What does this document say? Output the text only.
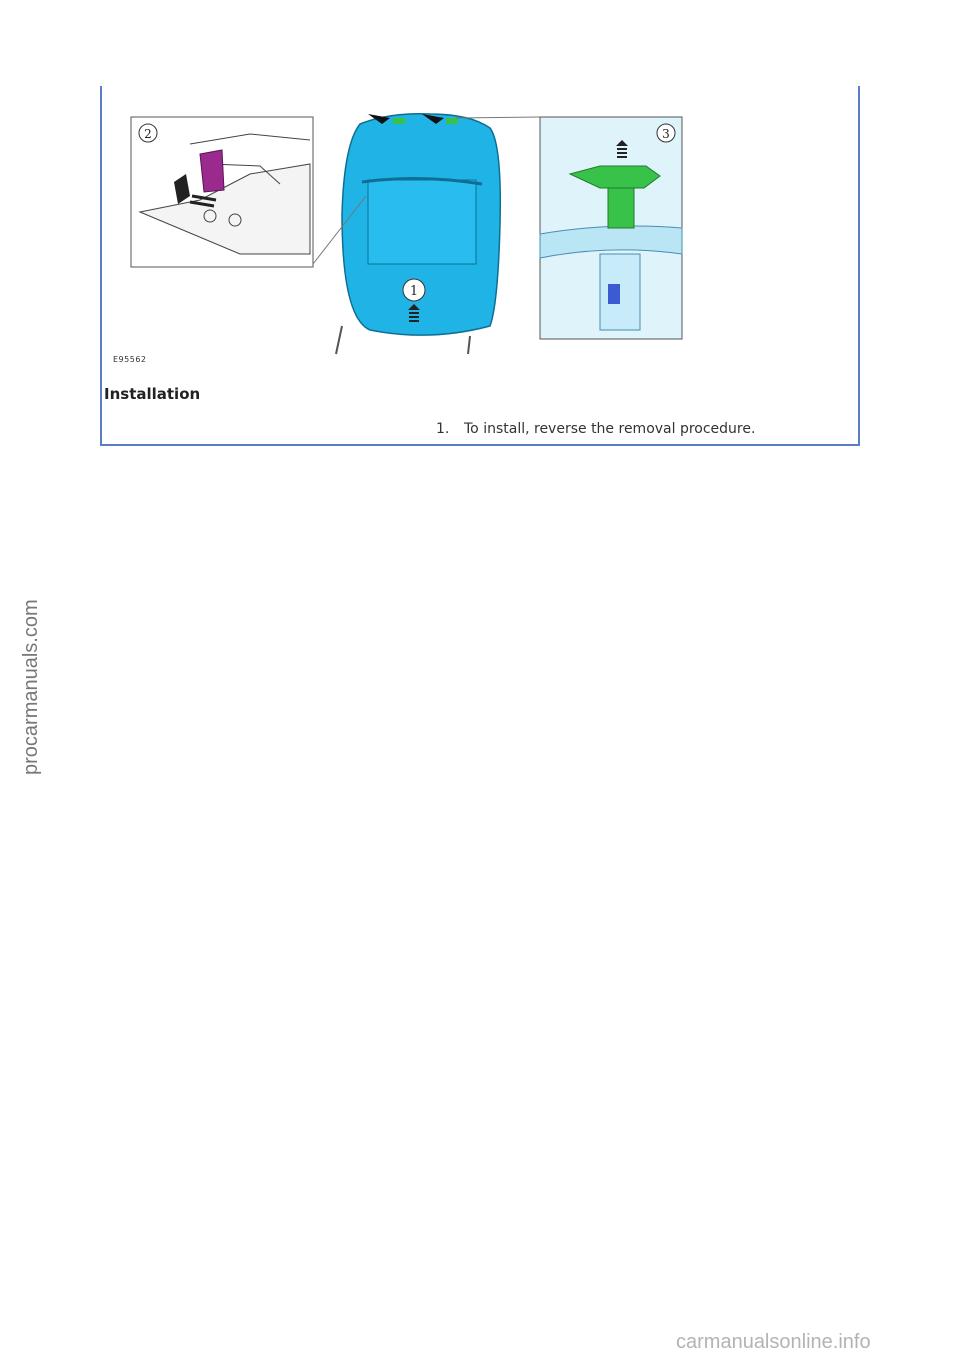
1
2	3
E95562
Installation
1. To install, reverse the removal procedure.
procarmanuals.com
carmanualsonline.info
